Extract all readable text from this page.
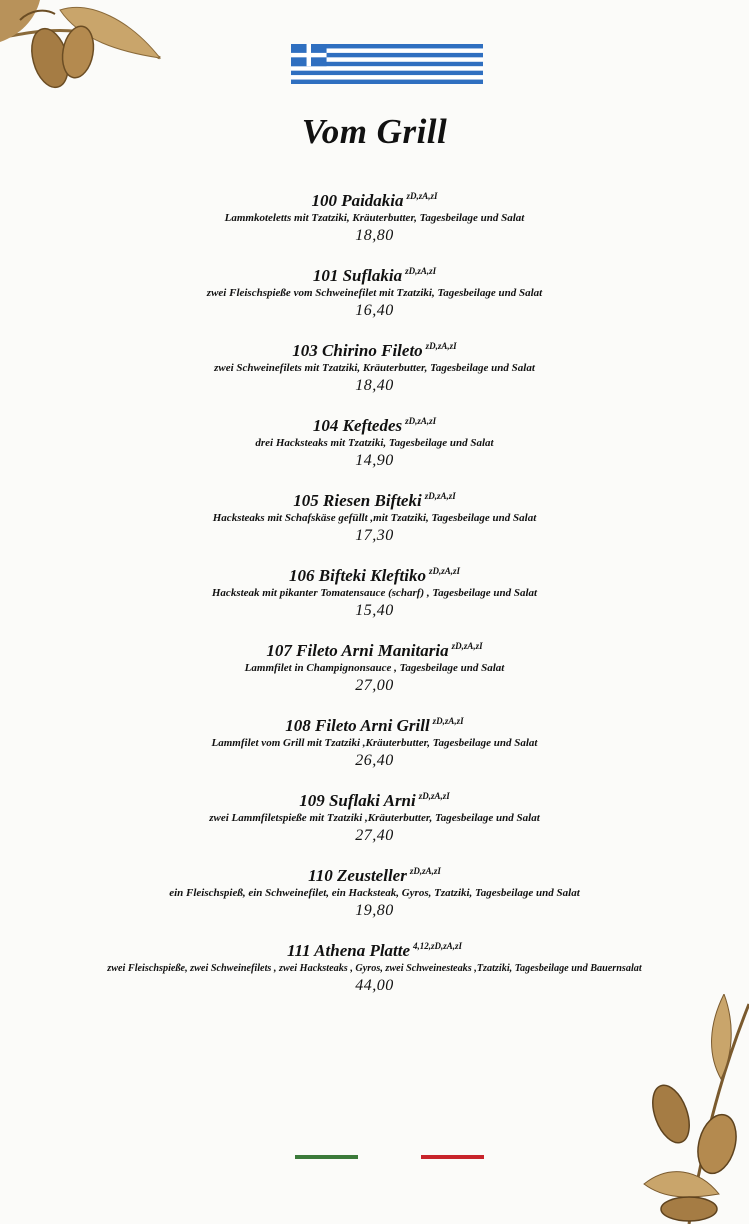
Vom Grill
100 Paidakia $^{zD,zA,zI}$
Lammkoteletts mit Tzatziki, Kräuterbutter, Tagesbeilage und Salat
18,80
101 Suflakia $^{zD,zA,zI}$
zwei Fleischspieße vom Schweinefilet mit Tzatziki, Tagesbeilage und Salat
16,40
103 Chirino Fileto $^{zD,zA,zI}$
zwei Schweinefilets mit Tzatziki, Kräuterbutter, Tagesbeilage und Salat
18,40
104 Keftedes $^{zD,zA,zI}$
drei Hacksteaks mit Tzatziki, Tagesbeilage und Salat
14,90
105 Riesen Bifteki $^{zD,zA,zI}$
Hacksteaks mit Schafskäse gefüllt ,mit Tzatziki, Tagesbeilage und Salat
17,30
106 Bifteki Kleftiko $^{zD,zA,zI}$
Hacksteak mit pikanter Tomatensauce (scharf) , Tagesbeilage und Salat
15,40
107 Fileto Arni Manitaria $^{zD,zA,zI}$
Lammfilet in Champignonsauce , Tagesbeilage und Salat
27,00
108 Fileto Arni Grill $^{zD,zA,zI}$
Lammfilet vom Grill mit Tzatziki ,Kräuterbutter, Tagesbeilage und Salat
26,40
109 Suflaki Arni $^{zD,zA,zI}$
zwei Lammfiletspieße mit Tzatziki ,Kräuterbutter, Tagesbeilage und Salat
27,40
110 Zeusteller $^{zD,zA,zI}$
ein Fleischspieß, ein Schweinefilet, ein Hacksteak, Gyros, Tzatziki, Tagesbeilage und Salat
19,80
111 Athena Platte $^{4,12,zD,zA,zI}$
zwei Fleischspieße, zwei Schweinefilets , zwei Hacksteaks , Gyros, zwei Schweinesteaks ,Tzatziki, Tagesbeilage und Bauernsalat
44,00
